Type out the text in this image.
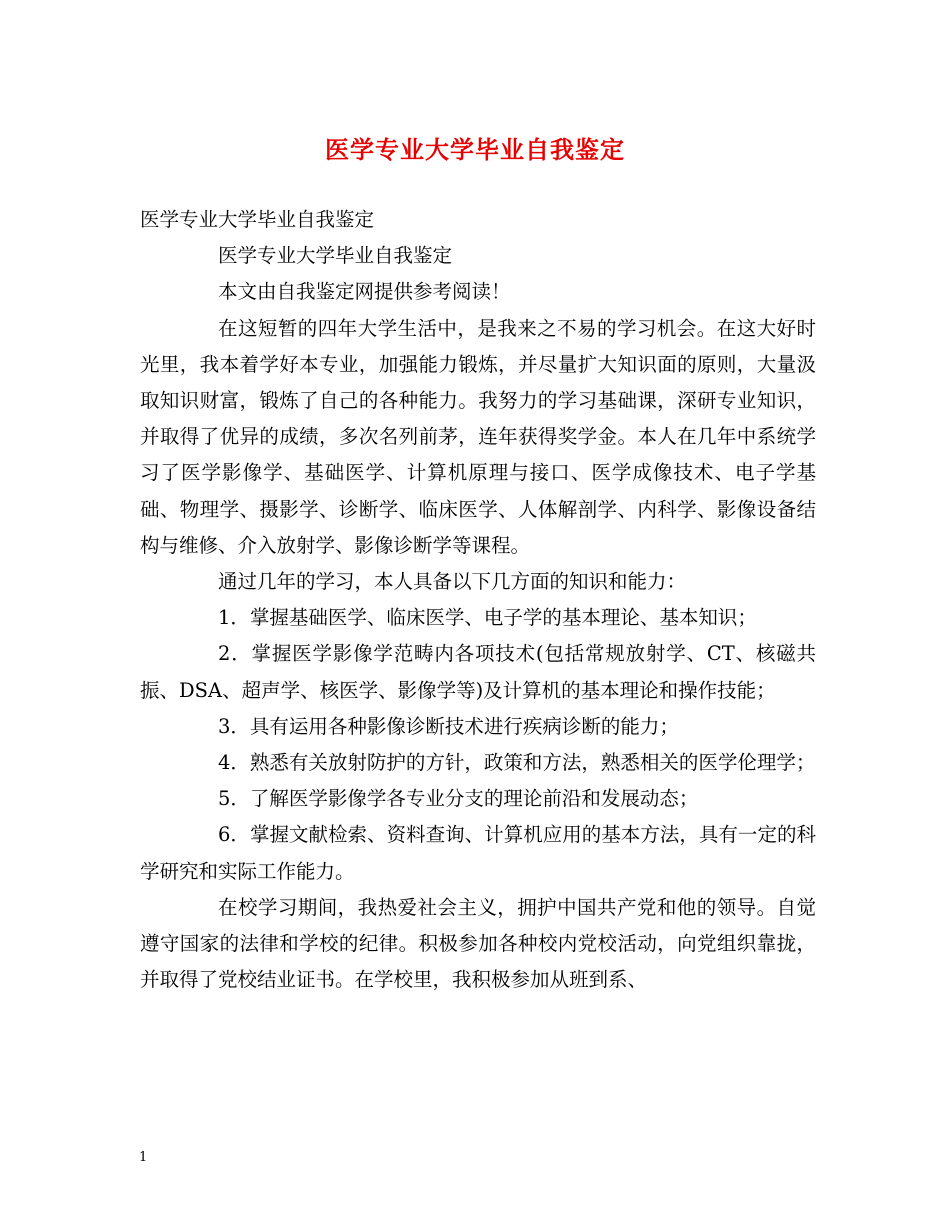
医学专业大学毕业自我鉴定

医学专业大学毕业自我鉴定

医学专业大学毕业自我鉴定

本文由自我鉴定网提供参考阅读！

在这短暂的四年大学生活中，是我来之不易的学习机会。在这大好时光里，我本着学好本专业，加强能力锻炼，并尽量扩大知识面的原则，大量汲取知识财富，锻炼了自己的各种能力。我努力的学习基础课，深研专业知识，并取得了优异的成绩，多次名列前茅，连年获得奖学金。本人在几年中系统学习了医学影像学、基础医学、计算机原理与接口、医学成像技术、电子学基础、物理学、摄影学、诊断学、临床医学、人体解剖学、内科学、影像设备结构与维修、介入放射学、影像诊断学等课程。

通过几年的学习，本人具备以下几方面的知识和能力：

1．掌握基础医学、临床医学、电子学的基本理论、基本知识；

2．掌握医学影像学范畴内各项技术(包括常规放射学、CT、核磁共振、DSA、超声学、核医学、影像学等)及计算机的基本理论和操作技能；

3．具有运用各种影像诊断技术进行疾病诊断的能力；

4．熟悉有关放射防护的方针，政策和方法，熟悉相关的医学伦理学；

5．了解医学影像学各专业分支的理论前沿和发展动态；

6．掌握文献检索、资料查询、计算机应用的基本方法，具有一定的科学研究和实际工作能力。

在校学习期间，我热爱社会主义，拥护中国共产党和他的领导。自觉遵守国家的法律和学校的纪律。积极参加各种校内党校活动，向党组织靠拢，并取得了党校结业证书。在学校里，我积极参加从班到系、

1
